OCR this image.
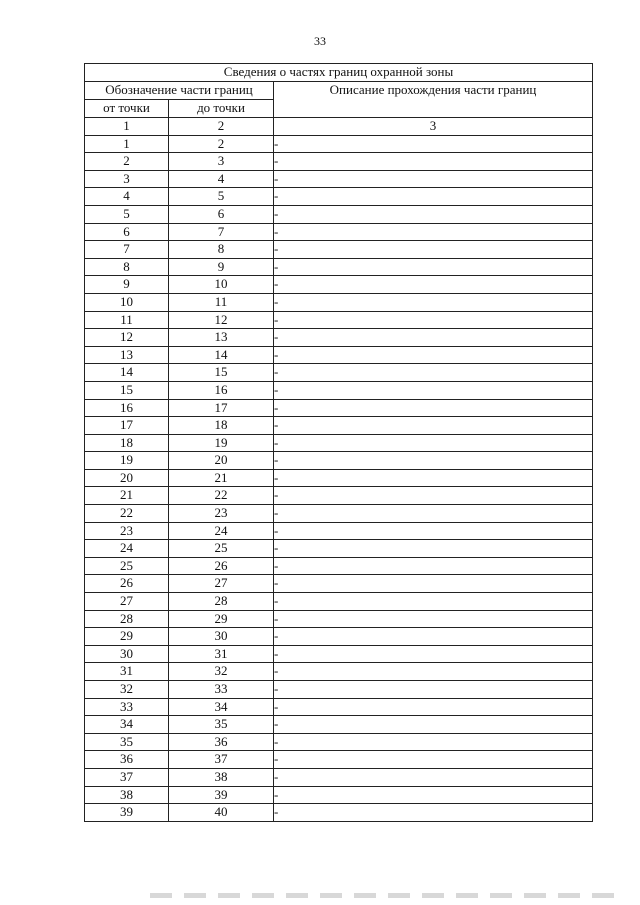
33
Сведения о частях границ охранной зоны		
Обозначение части границ		Описание прохождения части границ
от точки	до точки	
1	2	3
1	2	-
2	3	-
3	4	-
4	5	-
5	6	-
6	7	-
7	8	-
8	9	-
9	10	-
10	11	-
11	12	-
12	13	-
13	14	-
14	15	-
15	16	-
16	17	-
17	18	-
18	19	-
19	20	-
20	21	-
21	22	-
22	23	-
23	24	-
24	25	-
25	26	-
26	27	-
27	28	-
28	29	-
29	30	-
30	31	-
31	32	-
32	33	-
33	34	-
34	35	-
35	36	-
36	37	-
37	38	-
38	39	-
39	40	-
